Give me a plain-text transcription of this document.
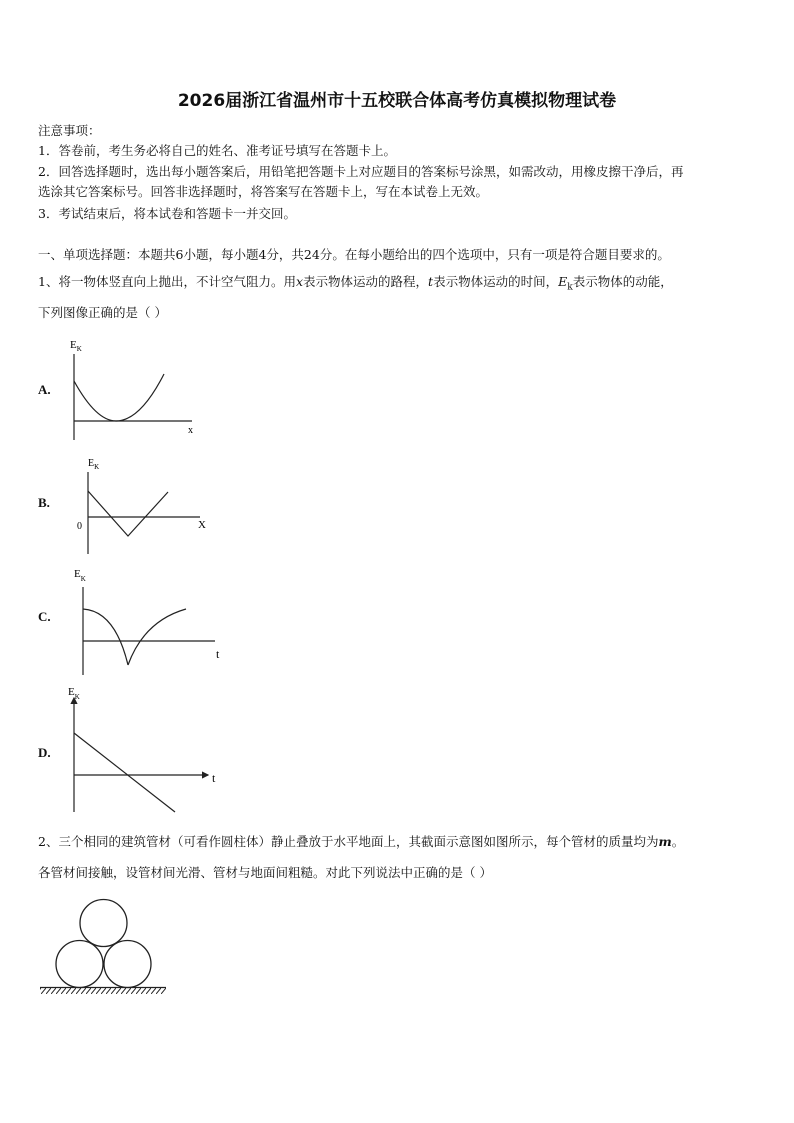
2026届浙江省温州市十五校联合体高考仿真模拟物理试卷
注意事项：
1．答卷前，考生务必将自己的姓名、准考证号填写在答题卡上。
2．回答选择题时，选出每小题答案后，用铅笔把答题卡上对应题目的答案标号涂黑，如需改动，用橡皮擦干净后，再
选涂其它答案标号。回答非选择题时，将答案写在答题卡上，写在本试卷上无效。
3．考试结束后，将本试卷和答题卡一并交回。
一、单项选择题：本题共6小题，每小题4分，共24分。在每小题给出的四个选项中，只有一项是符合题目要求的。
1、将一物体竖直向上抛出，不计空气阻力。用x表示物体运动的路程，t表示物体运动的时间，$E_k$表示物体的动能，
下列图像正确的是（ ）
A.
$E_K$
x
B.
$E_K$
X
0
C.
$E_K$
t
D.
$E_K$
t
2、三个相同的建筑管材（可看作圆柱体）静止叠放于水平地面上，其截面示意图如图所示，每个管材的质量均为m。
各管材间接触，设管材间光滑、管材与地面间粗糙。对此下列说法中正确的是（ ）
